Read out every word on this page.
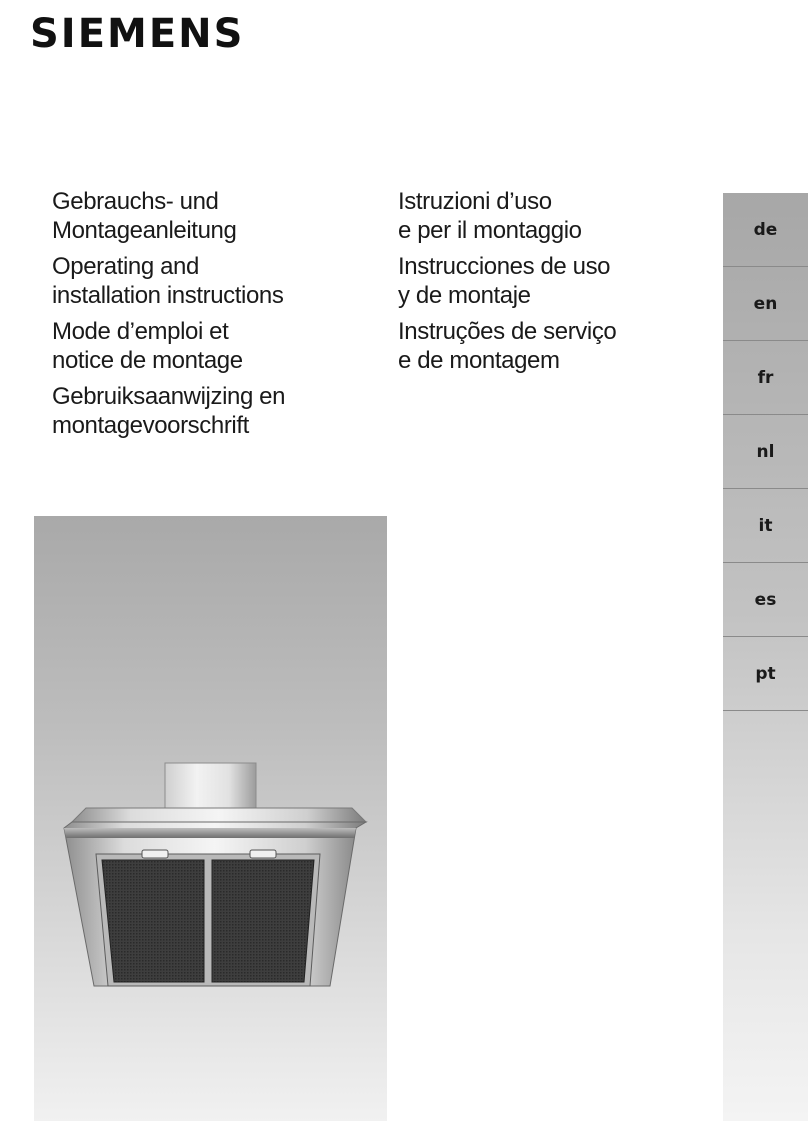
SIEMENS
Gebrauchs- und
Montageanleitung
Operating and
installation instructions
Mode d’emploi et
notice de montage
Gebruiksaanwijzing en
montagevoorschrift
Istruzioni d’uso
e per il montaggio
Instrucciones de uso
y de montaje
Instruções de serviço
e de montagem
de
en
fr
nl
it
es
pt
